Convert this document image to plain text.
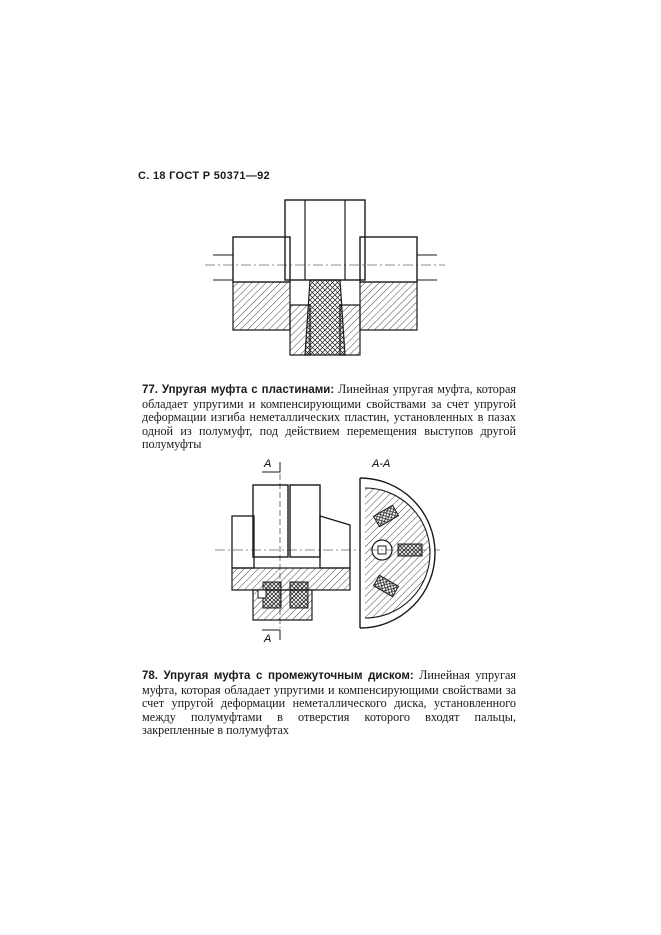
С. 18 ГОСТ Р 50371—92

77. Упругая муфта с пластинами: Линейная упругая муфта, которая обладает упругими и компенсирующими свойствами за счет упругой деформации изгиба неметаллических пластин, установленных в пазах одной из полумуфт, под действием перемещения выступов другой полумуфты

А
А
А-А

78. Упругая муфта с промежуточным диском: Линейная упругая муфта, которая обладает упругими и компенсирующими свойствами за счет упругой деформации неметаллического диска, установленного между полумуфтами в отверстия которого входят пальцы, закрепленные в полумуфтах
